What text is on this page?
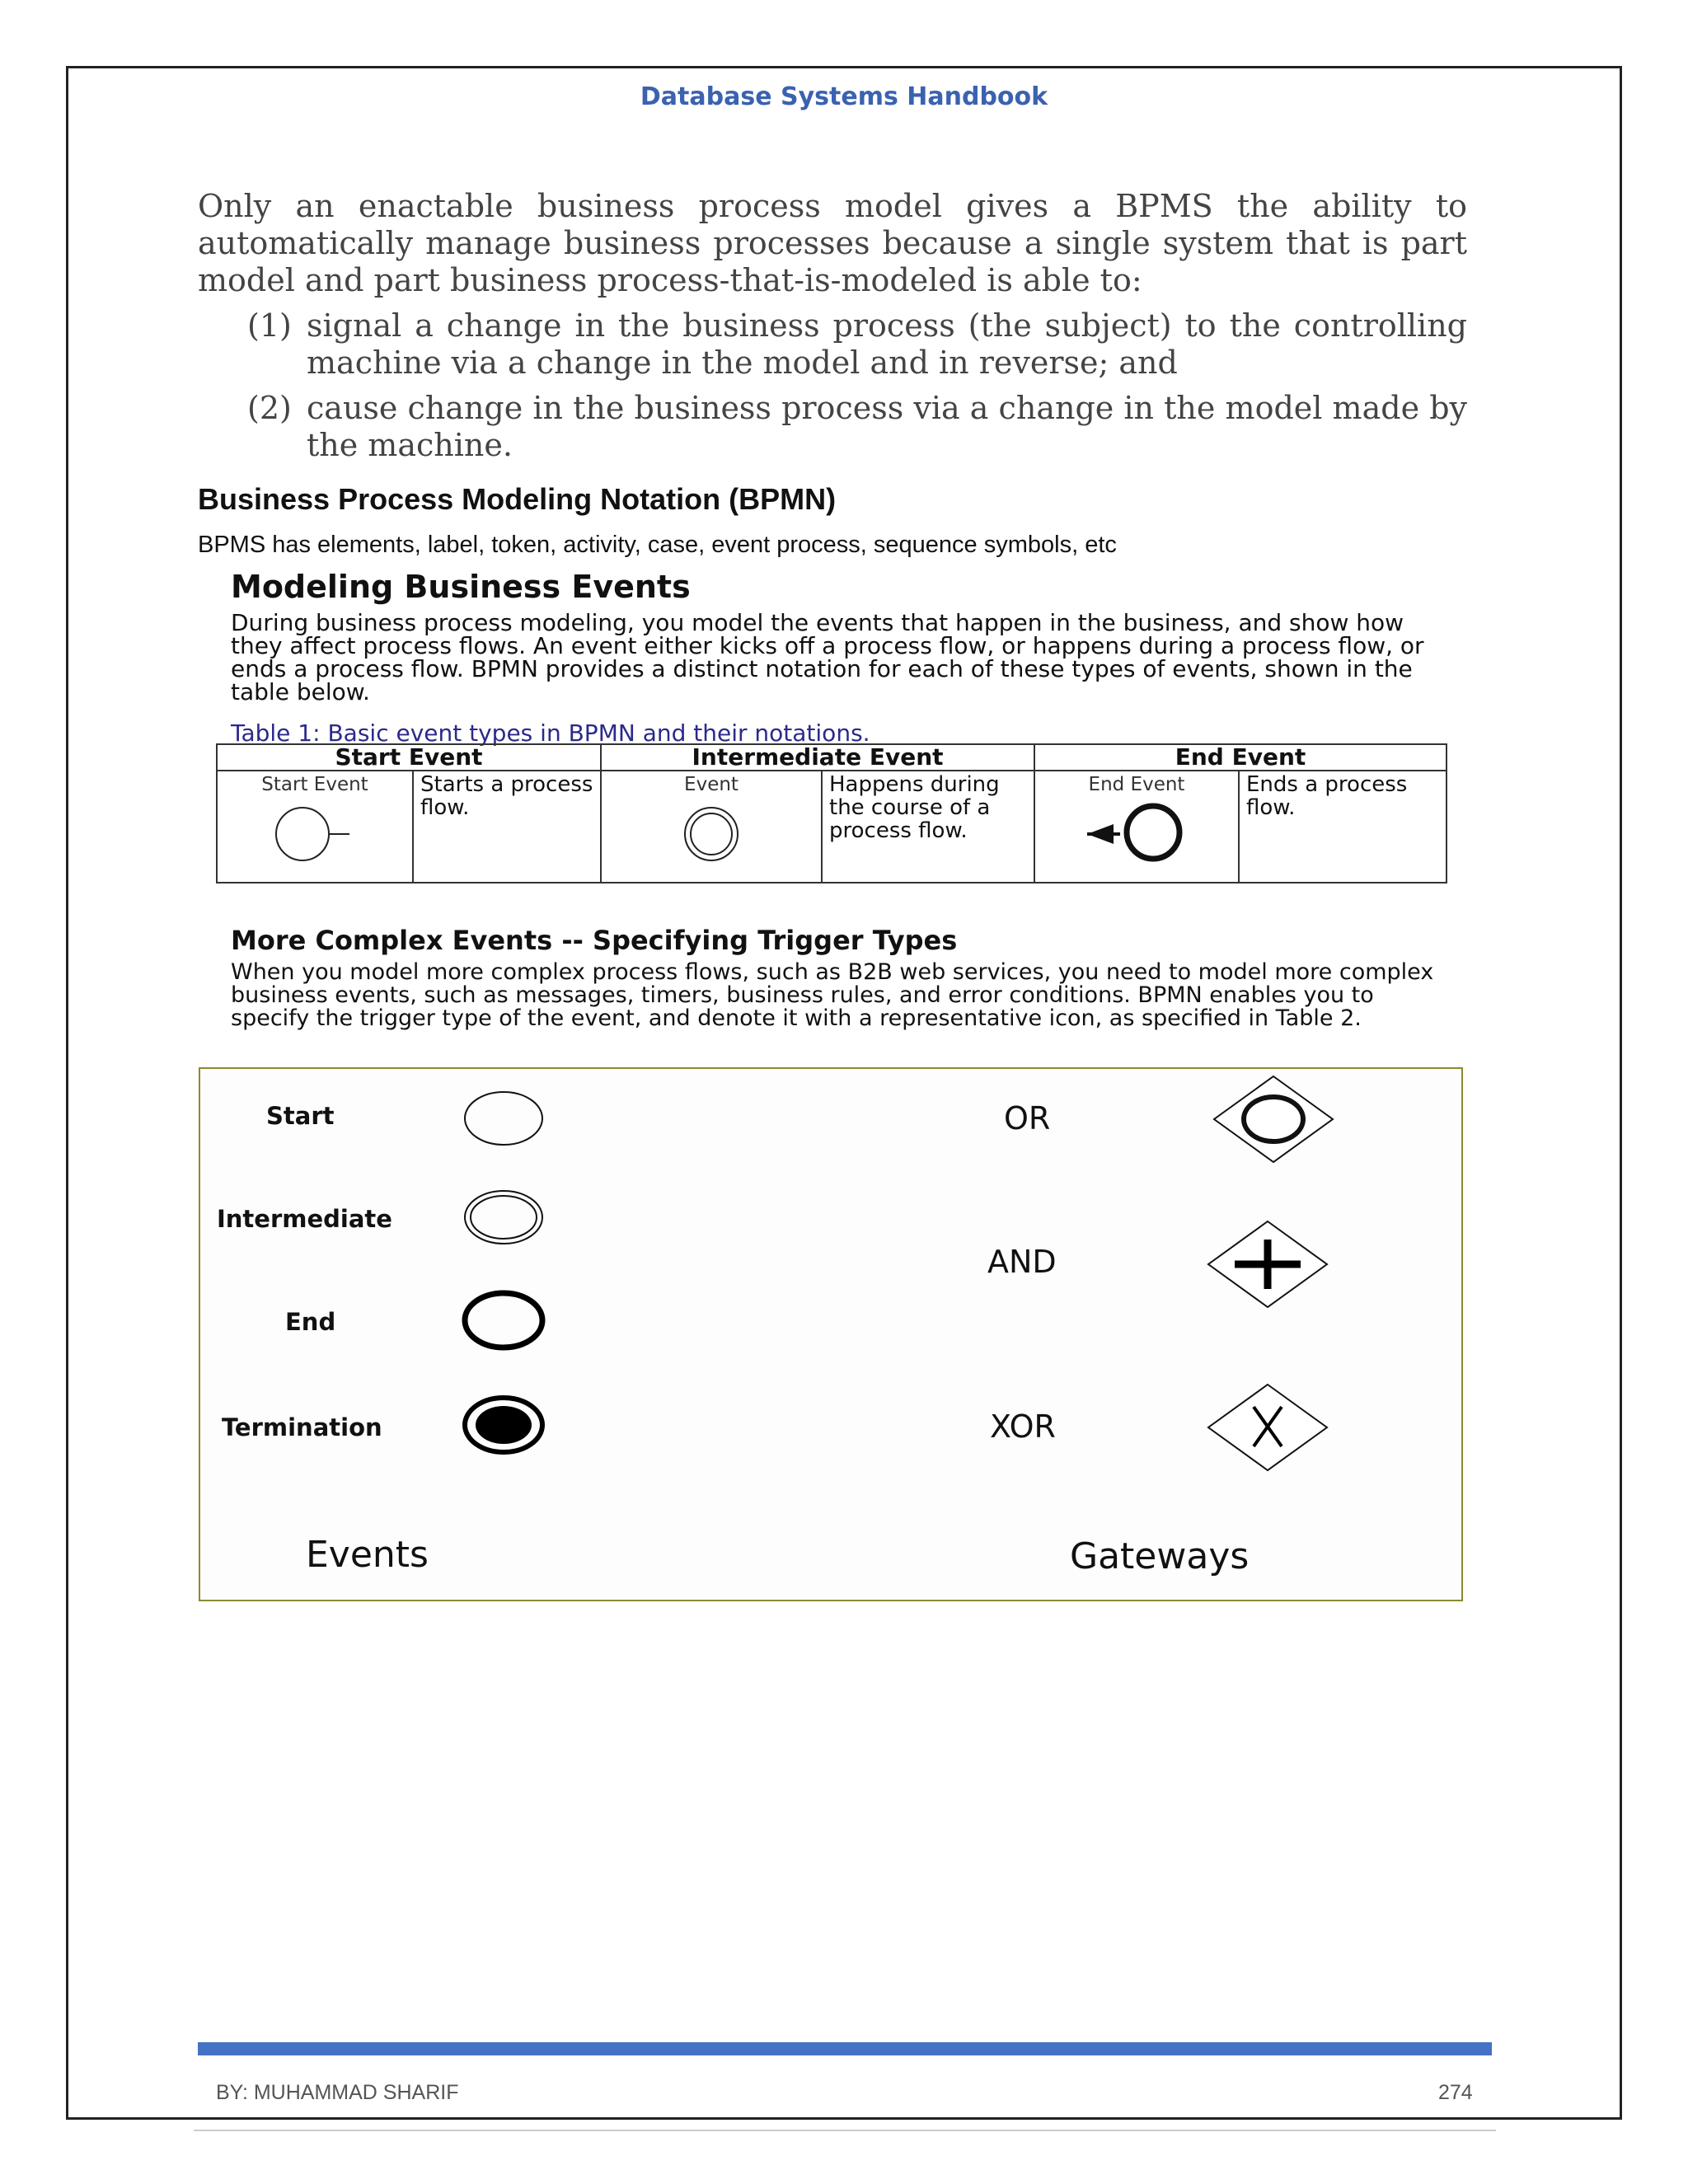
Database Systems Handbook

Only an enactable business process model gives a BPMS the ability to automatically manage business processes because a single system that is part model and part business process-that-is-modeled is able to:

(1) signal a change in the business process (the subject) to the controlling machine via a change in the model and in reverse; and
(2) cause change in the business process via a change in the model made by the machine.
Business Process Modeling Notation (BPMN)
BPMS has elements, label, token, activity, case, event process, sequence symbols, etc
Modeling Business Events

During business process modeling, you model the events that happen in the business, and show how they affect process flows. An event either kicks off a process flow, or happens during a process flow, or ends a process flow. BPMN provides a distinct notation for each of these types of events, shown in the table below.

Table 1: Basic event types in BPMN and their notations.
Start Event		Intermediate Event		End Event	

Start Event	Starts a process flow.	Event	Happens during the course of a process flow.	End Event	Ends a process flow.
More Complex Events -- Specifying Trigger Types

When you model more complex process flows, such as B2B web services, you need to model more complex business events, such as messages, timers, business rules, and error conditions. BPMN enables you to specify the trigger type of the event, and denote it with a representative icon, as specified in Table 2.

Start
Intermediate
End
Termination
OR
AND
XOR
Events	Gateways
BY: MUHAMMAD SHARIF	274
